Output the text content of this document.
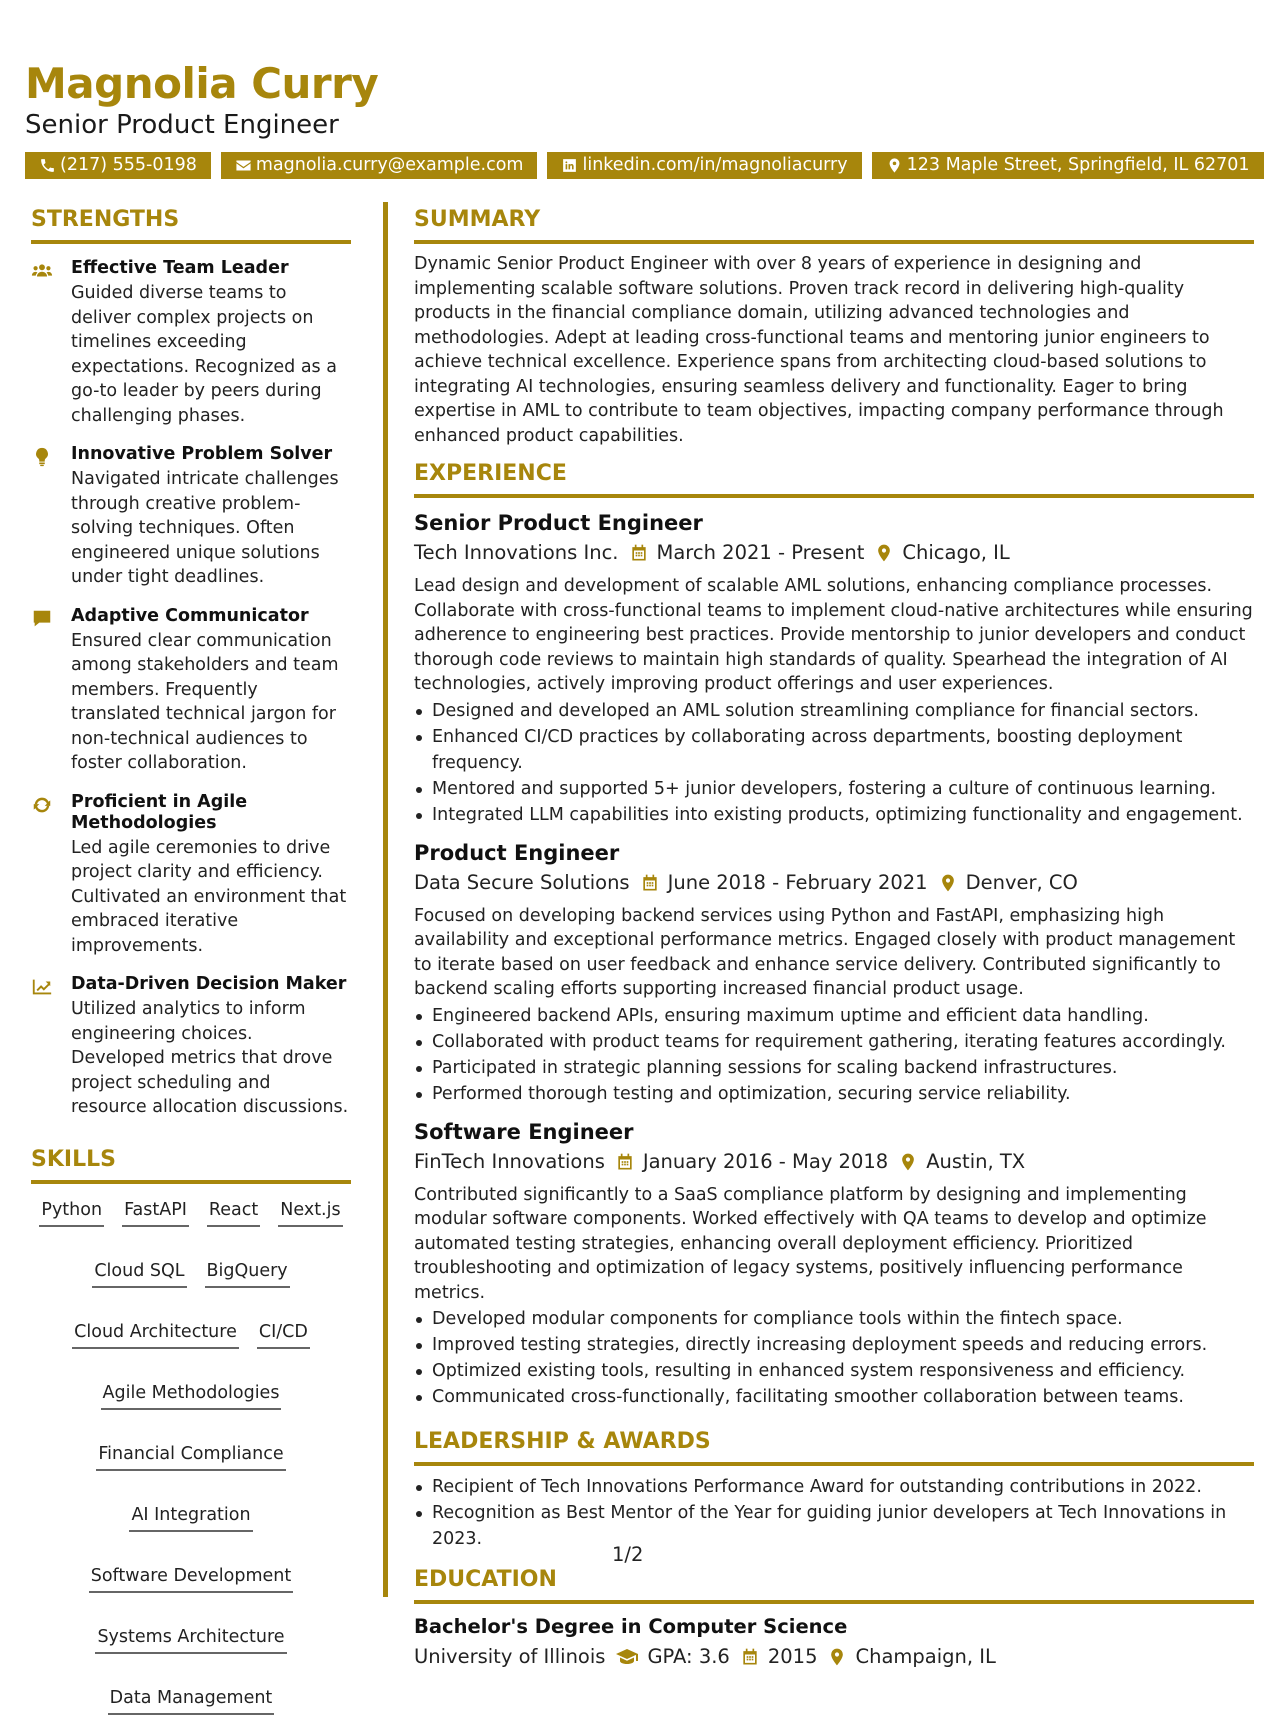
Magnolia Curry
Senior Product Engineer
(217) 555-0198	magnolia.curry@example.com	linkedin.com/in/magnoliacurry	123 Maple Street, Springfield, IL 62701
STRENGTHS
Effective Team Leader
Guided diverse teams to deliver complex projects on timelines exceeding expectations. Recognized as a go-to leader by peers during challenging phases.
Innovative Problem Solver
Navigated intricate challenges through creative problem-solving techniques. Often engineered unique solutions under tight deadlines.
Adaptive Communicator
Ensured clear communication among stakeholders and team members. Frequently translated technical jargon for non-technical audiences to foster collaboration.
Proficient in Agile Methodologies
Led agile ceremonies to drive project clarity and efficiency. Cultivated an environment that embraced iterative improvements.
Data-Driven Decision Maker
Utilized analytics to inform engineering choices. Developed metrics that drove project scheduling and resource allocation discussions.
SKILLS
Python FastAPI React Next.js
Cloud SQL BigQuery
Cloud Architecture CI/CD
Agile Methodologies
Financial Compliance
AI Integration
Software Development
Systems Architecture
Data Management
SUMMARY
Dynamic Senior Product Engineer with over 8 years of experience in designing and implementing scalable software solutions. Proven track record in delivering high-quality products in the financial compliance domain, utilizing advanced technologies and methodologies. Adept at leading cross-functional teams and mentoring junior engineers to achieve technical excellence. Experience spans from architecting cloud-based solutions to integrating AI technologies, ensuring seamless delivery and functionality. Eager to bring expertise in AML to contribute to team objectives, impacting company performance through enhanced product capabilities.
EXPERIENCE
Senior Product Engineer
Tech Innovations Inc. March 2021 - Present Chicago, IL
Lead design and development of scalable AML solutions, enhancing compliance processes. Collaborate with cross-functional teams to implement cloud-native architectures while ensuring adherence to engineering best practices. Provide mentorship to junior developers and conduct thorough code reviews to maintain high standards of quality. Spearhead the integration of AI technologies, actively improving product offerings and user experiences.
Designed and developed an AML solution streamlining compliance for financial sectors.
Enhanced CI/CD practices by collaborating across departments, boosting deployment frequency.
Mentored and supported 5+ junior developers, fostering a culture of continuous learning.
Integrated LLM capabilities into existing products, optimizing functionality and engagement.
Product Engineer
Data Secure Solutions June 2018 - February 2021 Denver, CO
Focused on developing backend services using Python and FastAPI, emphasizing high availability and exceptional performance metrics. Engaged closely with product management to iterate based on user feedback and enhance service delivery. Contributed significantly to backend scaling efforts supporting increased financial product usage.
Engineered backend APIs, ensuring maximum uptime and efficient data handling.
Collaborated with product teams for requirement gathering, iterating features accordingly.
Participated in strategic planning sessions for scaling backend infrastructures.
Performed thorough testing and optimization, securing service reliability.
Software Engineer
FinTech Innovations January 2016 - May 2018 Austin, TX
Contributed significantly to a SaaS compliance platform by designing and implementing modular software components. Worked effectively with QA teams to develop and optimize automated testing strategies, enhancing overall deployment efficiency. Prioritized troubleshooting and optimization of legacy systems, positively influencing performance metrics.
Developed modular components for compliance tools within the fintech space.
Improved testing strategies, directly increasing deployment speeds and reducing errors.
Optimized existing tools, resulting in enhanced system responsiveness and efficiency.
Communicated cross-functionally, facilitating smoother collaboration between teams.
LEADERSHIP & AWARDS
Recipient of Tech Innovations Performance Award for outstanding contributions in 2022.
Recognition as Best Mentor of the Year for guiding junior developers at Tech Innovations in 2023.
EDUCATION
Bachelor's Degree in Computer Science
University of Illinois GPA: 3.6 2015 Champaign, IL
1/2
